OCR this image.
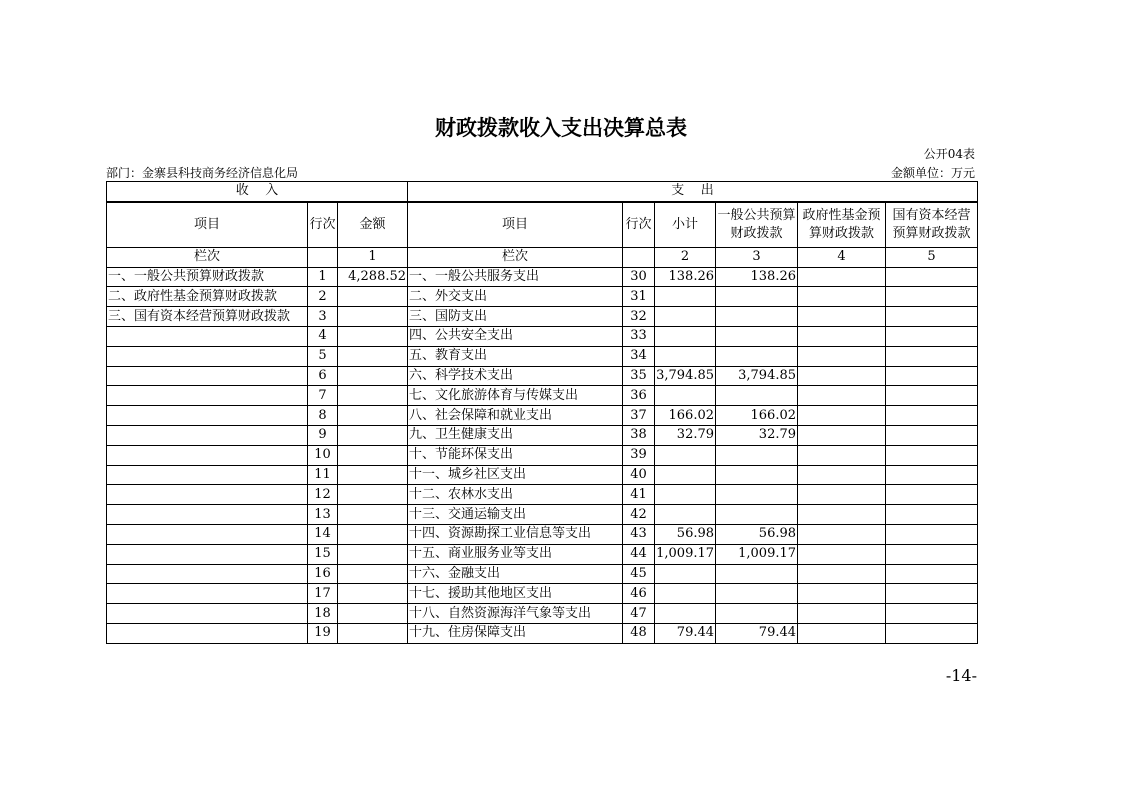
财政拨款收入支出决算总表
公开04表
部门：金寨县科技商务经济信息化局	金额单位：万元
收    入			支    出					
项目	行次	金额	项目	行次	小计	一般公共预算财政拨款	政府性基金预算财政拨款	国有资本经营预算财政拨款
栏次		1	栏次		2	3	4	5
一、一般公共预算财政拨款	1	4,288.52	一、一般公共服务支出	30	138.26	138.26		
二、政府性基金预算财政拨款	2		二、外交支出	31				
三、国有资本经营预算财政拨款	3		三、国防支出	32				
	4		四、公共安全支出	33				
	5		五、教育支出	34				
	6		六、科学技术支出	35	3,794.85	3,794.85		
	7		七、文化旅游体育与传媒支出	36				
	8		八、社会保障和就业支出	37	166.02	166.02		
	9		九、卫生健康支出	38	32.79	32.79		
	10		十、节能环保支出	39				
	11		十一、城乡社区支出	40				
	12		十二、农林水支出	41				
	13		十三、交通运输支出	42				
	14		十四、资源勘探工业信息等支出	43	56.98	56.98		
	15		十五、商业服务业等支出	44	1,009.17	1,009.17		
	16		十六、金融支出	45				
	17		十七、援助其他地区支出	46				
	18		十八、自然资源海洋气象等支出	47				
	19		十九、住房保障支出	48	79.44	79.44		
-14-
